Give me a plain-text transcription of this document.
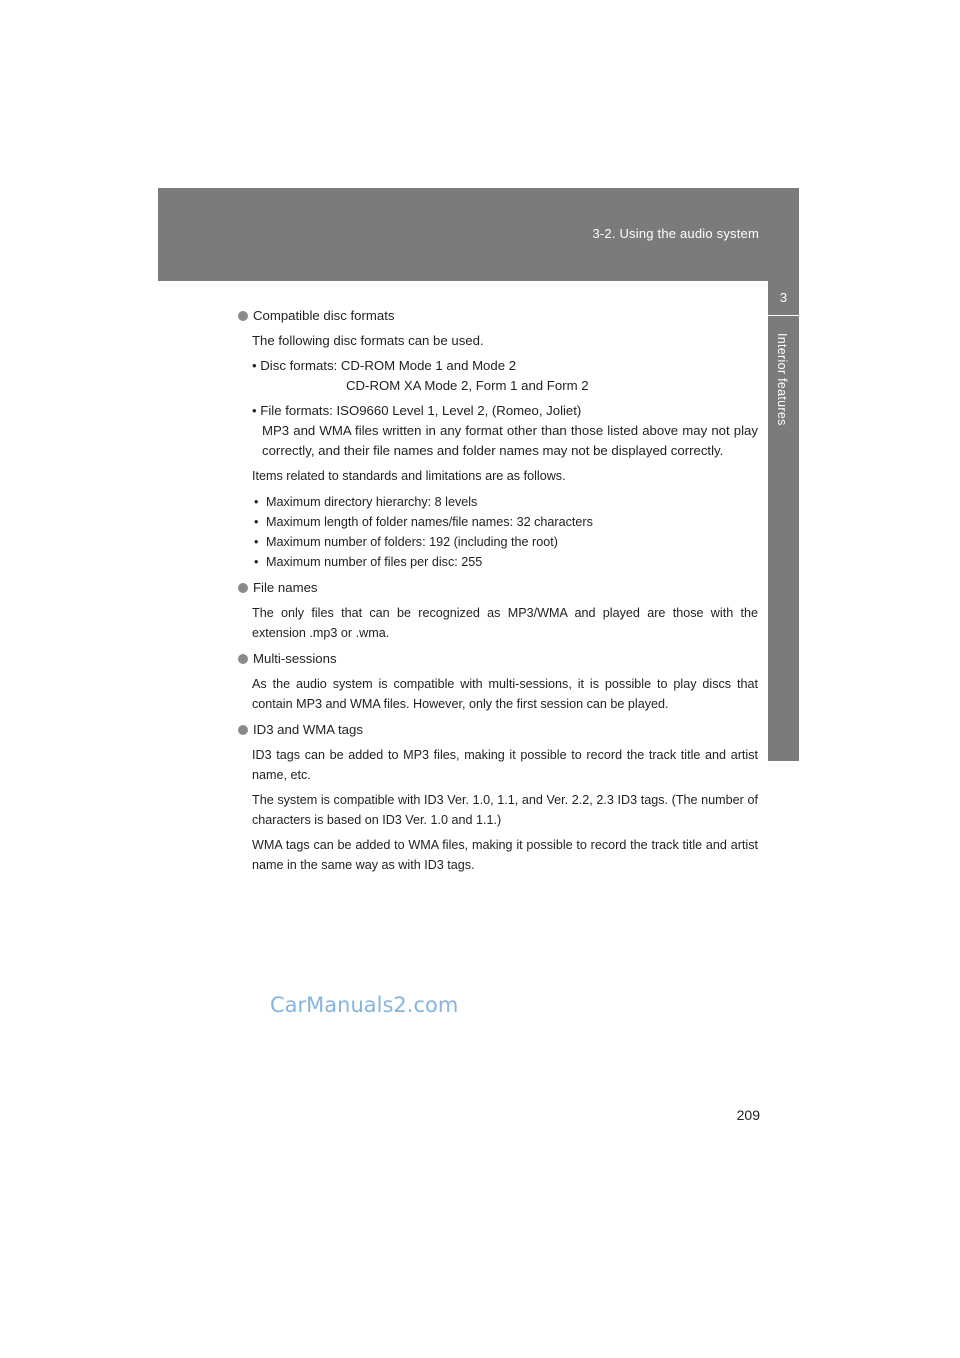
3-2. Using the audio system
3
Interior features
Compatible disc formats
The following disc formats can be used.
• Disc formats: CD-ROM Mode 1 and Mode 2
CD-ROM XA Mode 2, Form 1 and Form 2
• File formats: ISO9660 Level 1, Level 2, (Romeo, Joliet)
MP3 and WMA files written in any format other than those listed above may not play correctly, and their file names and folder names may not be displayed correctly.
Items related to standards and limitations are as follows.
• Maximum directory hierarchy: 8 levels
• Maximum length of folder names/file names: 32 characters
• Maximum number of folders: 192 (including the root)
• Maximum number of files per disc: 255
File names
The only files that can be recognized as MP3/WMA and played are those with the extension .mp3 or .wma.
Multi-sessions
As the audio system is compatible with multi-sessions, it is possible to play discs that contain MP3 and WMA files. However, only the first session can be played.
ID3 and WMA tags
ID3 tags can be added to MP3 files, making it possible to record the track title and artist name, etc.
The system is compatible with ID3 Ver. 1.0, 1.1, and Ver. 2.2, 2.3 ID3 tags. (The number of characters is based on ID3 Ver. 1.0 and 1.1.)
WMA tags can be added to WMA files, making it possible to record the track title and artist name in the same way as with ID3 tags.
CarManuals2.com
209
